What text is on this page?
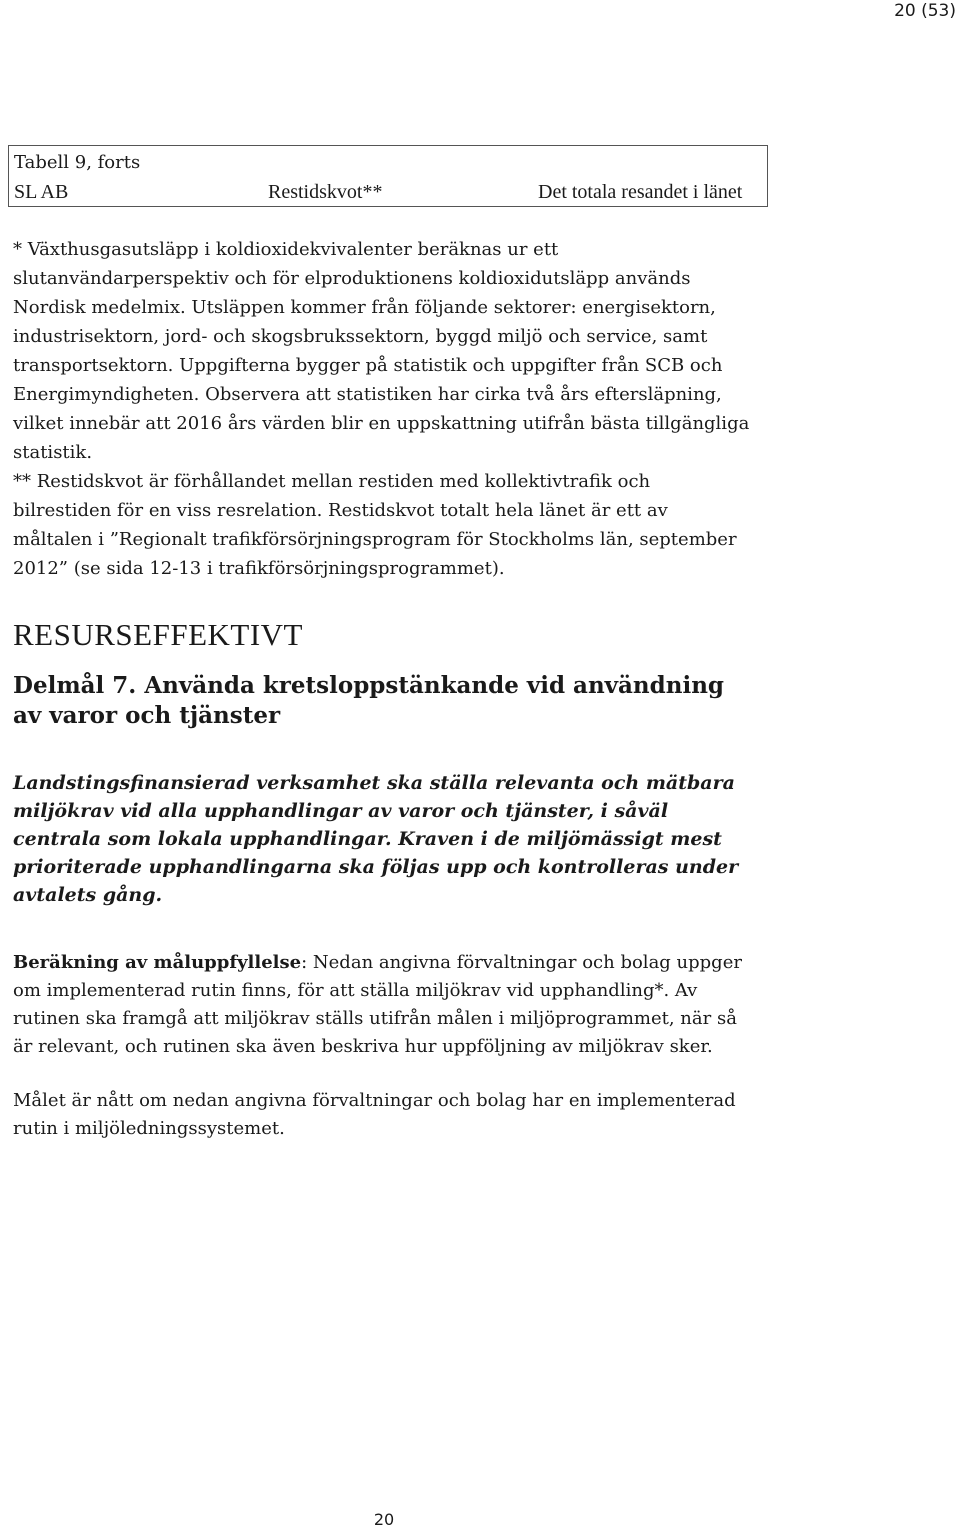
20 (53)
Tabell 9, forts
SL AB	Restidskvot**	Det totala resandet i länet

* Växthusgasutsläpp i koldioxidekvivalenter beräknas ur ett slutanvändarperspektiv och för elproduktionens koldioxidutsläpp används Nordisk medelmix. Utsläppen kommer från följande sektorer: energisektorn, industrisektorn, jord- och skogsbrukssektorn, byggd miljö och service, samt transportsektorn. Uppgifterna bygger på statistik och uppgifter från SCB och Energimyndigheten. Observera att statistiken har cirka två års eftersläpning, vilket innebär att 2016 års värden blir en uppskattning utifrån bästa tillgängliga statistik.

** Restidskvot är förhållandet mellan restiden med kollektivtrafik och bilrestiden för en viss resrelation. Restidskvot totalt hela länet är ett av måltalen i ”Regionalt trafikförsörjningsprogram för Stockholms län, september 2012” (se sida 12-13 i trafikförsörjningsprogrammet).

RESURSEFFEKTIVT
Delmål 7. Använda kretsloppstänkande vid användning av varor och tjänster

Landstingsfinansierad verksamhet ska ställa relevanta och mätbara miljökrav vid alla upphandlingar av varor och tjänster, i såväl centrala som lokala upphandlingar. Kraven i de miljömässigt mest prioriterade upphandlingarna ska följas upp och kontrolleras under avtalets gång.

Beräkning av måluppfyllelse: Nedan angivna förvaltningar och bolag uppger om implementerad rutin finns, för att ställa miljökrav vid upphandling*. Av rutinen ska framgå att miljökrav ställs utifrån målen i miljöprogrammet, när så är relevant, och rutinen ska även beskriva hur uppföljning av miljökrav sker.

Målet är nått om nedan angivna förvaltningar och bolag har en implementerad rutin i miljöledningssystemet.

20
